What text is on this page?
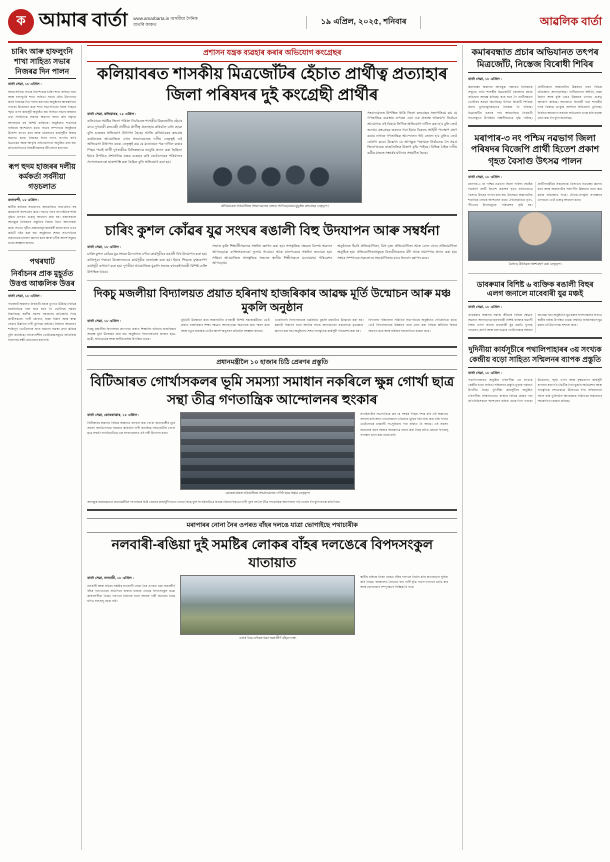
ক আমাৰ বাৰ্তা www.amarbarta.in অসমীয়া দৈনিক বাতৰি কাকত	১৯ এপ্ৰিল, ২০২৫, শনিবাৰ	আৱলিক বাৰ্তা
চাৰিং আৰু হাফলুংনি শাখা সাহিত্য সভাৰ নিজৰৱ দিন পালন
বাৰ্তা সেৱা, ১৮ এপ্ৰিল :
অসম সাহিত্য সভাৰ নিৰ্দেশ মৰ্মে চাৰিং শাখা সাহিত্য সভা আৰু হাফলুংনি শাখা সাহিত্য সভাৰ যৌথ উদ্যোগত কালি নিজৰৱ দিন পালন কৰা হয়। অনুষ্ঠানৰ আৰম্ভণিতে পতাকা উত্তোলন কৰে শাখা সভাপতিয়ে। ইয়াৰ পিছতে স্মৃতি তৰ্পণ কাৰ্যসূচী অনুষ্ঠিত হয়। সাহিত্য সভাৰ জন্মলগ্ন তথা সাহিত্যিক সকলৰ অৱদান স্মৰণ কৰি বক্তৃতা আগবঢ়ায় বহু বিশিষ্ট ব্যক্তিয়ে। অনুষ্ঠানত শতাধিক ব্যক্তিয়ে অংশগ্ৰহণ কৰে। সভাৰ সম্পাদকে অনুষ্ঠানৰ উদ্দেশ্য ব্যাখ্যা কৰে আৰু ভৱিষ্যতৰ কাৰ্যসূচীৰ বিষয়ে অৱগত কৰে। নিজৰৱ দিনৰ লগত সংগতি ৰাখি চিত্ৰাংকন আৰু আবৃত্তি প্ৰতিযোগিতা অনুষ্ঠিত কৰা হয়। প্ৰতিযোগিতাত বিজয়ীসকলক বঁটা প্ৰদান কৰা হয়।
ৰূপ হুদম হাজৰৰ দলীয় কৰ্মকৰ্তা সৰ্বনীয়া গড়চলাত
কলাবন্দী, ১৮ এপ্ৰিল :
স্থানীয় ৰাইজৰ সহযোগত আয়োজিত সভাখনিত বহু কৰ্মকৰ্তাই অংশগ্ৰহণ কৰে। সভাত দলৰ সাংগঠনিক শক্তি বৃদ্ধিৰ ওপৰত গুৰুত্ব আৰোপ কৰা হয়। বক্তাসকলে আগন্তুক নিৰ্বাচনৰ প্ৰস্তুতিৰ বিষয়ে বিতং আলোচনা কৰে। সভাত গৃহীত প্ৰস্তাৱসমূহ কাৰ্যকৰী কৰাৰ বাবে এখন কমিটি গঠন কৰা হয়। অনুষ্ঠানৰ শেষত সভাপতিয়ে সকলোকে ধন্যবাদ জ্ঞাপন কৰে আৰু দলীয় আদৰ্শ সমুন্নত ৰখাৰ আহ্বান জনায়।
পথৰঘাট
নিৰ্বাচনৰ প্ৰাক মুহূৰ্তত উত্তপ্ত আঞ্চলিক উত্তৰ
বাৰ্তা সেৱা, ১৮ এপ্ৰিল :
পথৰঘাট অঞ্চলত নিৰ্বাচনী প্ৰচাৰ তুংগত উঠিছে। বিভিন্ন ৰাজনৈতিক দলে ঘৰে ঘৰে গৈ ভোটাৰৰ সমৰ্থন বিচাৰিছে। স্থানীয় সমস্যা সমাধানৰ প্ৰতিশ্ৰুতি দিছে প্ৰাৰ্থীসকলে। পানী যোগান, ৰাস্তা নিৰ্মাণ আৰু স্বাস্থ্য সেৱাৰ উন্নতিৰ দাবী তুলিছে ৰাইজে। নিৰ্বাচন আয়োগে শান্তিপূৰ্ণ ভোটগ্ৰহণৰ বাবে সকলো ব্যৱস্থা গ্ৰহণ কৰিছে বুলি জনাইছে। সংবেদনশীল ভোটকেন্দ্ৰসমূহত অতিৰিক্ত নিৰাপত্তা ৰক্ষী মোতায়েন কৰা হ'ব।
প্ৰশাসন যন্ত্ৰক ব্যৱহাৰ কৰাৰ অভিযোগ কংগ্ৰেছৰ
কলিয়াবৰত শাসকীয় মিত্ৰজোঁটৰ হেঁচাত প্ৰাৰ্থীত্ব প্ৰত্যাহাৰ জিলা পৰিষদৰ দুই কংগ্ৰেছী প্ৰাৰ্থীৰ
বাৰ্তা সেৱা, কলিয়াবৰ, ১৮ এপ্ৰিল :
কলিয়াবৰ সমষ্টিৰ জিলা পৰিষদ নিৰ্বাচনত শাসকীয় মিত্ৰজোঁটৰ হেঁচাৰ বাবে দুগৰাকী কংগ্ৰেছী প্ৰাৰ্থীয়ে প্ৰাৰ্থীত্ব প্ৰত্যাহাৰ কৰিবলৈ বাধ্য হোৱা বুলি গুৰুতৰ অভিযোগ উত্থাপন হৈছে। আজি কলিয়াবৰৰ কংগ্ৰেছ কাৰ্যালয়ত আয়োজিত এখন সংবাদমেলত দলীয় নেতৃত্বই এই অভিযোগ উত্থাপন কৰে। নেতৃত্বই কয় যে মনোনয়ন পত্ৰ দাখিল কৰাৰ পিছৰ পৰাই প্ৰাৰ্থী দুগৰাকীক বিভিন্নভাৱে ভাবুকি প্ৰদান কৰা হৈছিল। ইয়াৰ উপৰিও প্ৰশাসনিক যন্ত্ৰক ব্যৱহাৰ কৰি তেওঁলোকৰ পৰিয়ালৰ সদস্যসকলকো হাৰাশাস্তি কৰা হৈছিল বুলি অভিযোগ কৰা হয়।
কলিয়াবৰত আয়োজিত সংবাদমেলত বক্তব্য আগবঢ়োৱাৰ মুহূৰ্তত কংগ্ৰেছৰ নেতৃবৃন্দ।
সংবাদমেলত উপস্থিত থাকি জিলা কংগ্ৰেছৰ সভাপতিয়ে কয় যে গণতান্ত্ৰিক ব্যৱস্থাৰ ওপৰত এয়া এক প্ৰত্যক্ষ আক্ৰমণ। নিৰ্বাচন আয়োগক এই বিষয়ে লিখিত অভিযোগ দাখিল কৰা হ'ব বুলি তেওঁ জনায়। কংগ্ৰেছৰ তৰফৰ পৰা ইয়াৰ বিৰুদ্ধে আইনী পদক্ষেপ গ্ৰহণ কৰাৰ লগতে গণতান্ত্ৰিক আন্দোলন গঢ়ি তোলা হ'ব বুলিও তেওঁ ঘোষণা কৰে। উল্লেখ্য যে আগন্তুক পঞ্চায়ত নিৰ্বাচনক লৈ সমগ্ৰ জিলাখনতে ৰাজনৈতিক উত্তাপ বৃদ্ধি পাইছে। বিভিন্ন ঠাইত দলীয় কৰ্মীৰ মাজত সংঘৰ্ষৰ ঘটনাও সংঘটিত হৈছে।
চাৰিং কুশল কোঁৱৰ যুৱ সংঘৰ ৰঙালী বিহু উদযাপন আৰু সম্বৰ্ধনা
বাৰ্তা সেৱা, ১৮ এপ্ৰিল :
চাৰিং কুশল কোঁৱৰ যুৱ সংঘৰ উদ্যোগত বৰ্ণাঢ্য কাৰ্যসূচীৰে ৰঙালী বিহু উদযাপন কৰা হয়। ৰাতিপুৱা পতাকা উত্তোলনেৰে কাৰ্যসূচীৰ শুভাৰম্ভ কৰা হয়। ইয়াৰ পিছতে বৃক্ষৰোপণ কাৰ্যসূচী ৰূপায়ণ কৰা হয়। দুপৰীয়া আয়োজিত মুকলি সভাত বহুকেইগৰাকী বিশিষ্ট ব্যক্তি উপস্থিত থাকে।
সভাত কৃতি শিক্ষাৰ্থীসকলক সম্বৰ্ধনা জ্ঞাপন কৰা হয়। সাংস্কৃতিক ক্ষেত্ৰত বিশেষ অৱদান আগবঢ়োৱা ব্যক্তিসকলকো ফুলাম গামোচা আৰু মানপত্ৰেৰে সম্বৰ্ধনা জনোৱা হয়। সন্ধিয়া আয়োজিত সাংস্কৃতিক সন্ধ্যাত স্থানীয় শিল্পীসকলে মনোমোহা পৰিৱেশন আগবঢ়ায়।
অনুষ্ঠানত হুঁচৰি প্ৰতিযোগিতা, বিহু নৃত্য প্ৰতিযোগিতা আৰু ঢোল বাদন প্ৰতিযোগিতা অনুষ্ঠিত হয়। প্ৰতিযোগিতাসমূহত বিজয়ীসকলক বঁটা আৰু প্ৰমাণপত্ৰ প্ৰদান কৰা হয়। সংঘৰ সম্পাদকে সকলোৰে সহযোগিতাৰ বাবে ধন্যবাদ জ্ঞাপন কৰে।
দিকচু মজলীয়া বিদ্যালয়ত প্ৰয়াত হৰিনাথ হাজৰিকাৰ আৱক্ষ মূৰ্তি উন্মোচন আৰু মঞ্চ মুকলি অনুষ্ঠান
বাৰ্তা সেৱা, ১৮ এপ্ৰিল :
দিকচু মজলীয়া বিদ্যালয়ৰ প্ৰাংগণত প্ৰয়াত শিক্ষাবিদ হৰিনাথ হাজৰিকাৰ আৱক্ষ মূৰ্তি উন্মোচন কৰা হয়। অনুষ্ঠানত বিদ্যালয়খনৰ প্ৰাক্তন ছাত্ৰ-ছাত্ৰী, অভিভাৱক আৰু স্থানীয় ৰাইজ উপস্থিত থাকে।
মূৰ্তিটো উন্মোচন কৰে অঞ্চলটোৰ এগৰাকী বিশিষ্ট সমাজকৰ্মীয়ে। তেওঁ প্ৰয়াত হাজৰিকাৰ শিক্ষা ক্ষেত্ৰত আগবঢ়োৱা অৱদানৰ কথা স্মৰণ কৰে আৰু নতুন প্ৰজন্মক তেওঁৰ আদৰ্শ অনুসৰণ কৰিবলৈ আহ্বান জনায়।
একেদিনাই বিদ্যালয়খনৰ নৱনিৰ্মিত মুকলি মঞ্চটোও উদ্বোধন কৰা হয়। মঞ্চটো নিৰ্মাণৰ বাবে আৰ্থিক সহায় আগবঢ়োৱা সকলোকে কৃতজ্ঞতা জ্ঞাপন কৰা হয়। অনুষ্ঠানৰ শেষত সাংস্কৃতিক কাৰ্যসূচী পৰিৱেশন কৰা হয়।
বিদ্যালয় পৰিচালনা সমিতিৰ সভাপতিয়ে অনুষ্ঠানত পৌৰোহিত্য কৰে। তেওঁ বিদ্যালয়খনৰ উন্নয়নৰ বাবে গ্ৰহণ কৰা বিভিন্ন আঁচনিৰ বিষয়ে অৱগত কৰে আৰু ৰাইজৰ সহযোগিতা কামনা কৰে।
প্ৰধানমন্ত্ৰীলৈ ১০ হাজাৰ চিঠি প্ৰেৰণৰ প্ৰস্তুতি
বিটিআৰত গোৰ্খাসকলৰ ভূমি সমস্যা সমাধান নকৰিলে ক্ষুন্ন গোৰ্খা ছাত্ৰ সন্থা তীব্ৰ গণতান্ত্ৰিক আন্দোলনৰ হুংকাৰ
বাৰ্তা সেৱা, কোকৰাঝাৰ, ১৮ এপ্ৰিল :
বিটিআৰৰ অন্তৰ্গত বিভিন্ন অঞ্চলত বসবাস কৰা গোৰ্খা জনগোষ্ঠীৰ ভূমি সমস্যা অনতিপলমে সমাধান কৰিবলৈ দাবী জনাইছে সৰ্বভাৰতীয় গোৰ্খা ছাত্ৰ সন্থাই। সংগঠনটোৱে এক সংবাদমেলত এই দাবী উত্থাপন কৰে।
কোকৰাঝাৰত আয়োজিত সংবাদমেলত গোৰ্খা ছাত্ৰ সন্থাৰ নেতৃবৃন্দ।
সংগঠনটোৰ সভাপতিয়ে কয় যে দশকৰ পিছত দশক ধৰি এই অঞ্চলত বসবাস কৰি অহা গোৰ্খাসকলে এতিয়াও ভূমিৰ পট্টা লাভ কৰা নাই। ফলত তেওঁলোকে চৰকাৰী সা-সুবিধাৰ পৰা বঞ্চিত হৈ আছে। এই সমস্যা সমাধানৰ বাবে বহুবাৰ স্মাৰকপত্ৰ প্ৰদান কৰা হৈছে যদিও কোনো ফলপ্ৰসূ পদক্ষেপ গ্ৰহণ কৰা হোৱা নাই।
আগন্তুক সময়ছোৱাত প্ৰধানমন্ত্ৰীলৈ দহ হাজাৰ চিঠি প্ৰেৰণৰ কাৰ্যসূচী হাতত লোৱা হৈছে বুলি সংগঠনটোৱে জনায়। ইয়াৰ পিছতো দাবী পূৰণ নহ'লে তীব্ৰ গণতান্ত্ৰিক আন্দোলন গঢ়ি তোলা হ'ব বুলি সতৰ্ক কৰি দিয়ে।
মৰাপাৰৰ নোনা নৈৰ ওপৰত বাঁহৰ দলঙে যাত্ৰা ভোগাইছে পথাচাৰীক
নলবাৰী-ৰঙিয়া দুই সমষ্টিৰ লোকৰ বাঁহৰ দলঙেৰে বিপদসংকুল যাতায়াত
বাৰ্তা সেৱা, নলবাৰী, ১৮ এপ্ৰিল :
নলবাৰী আৰু ৰঙিয়া সমষ্টিৰ সংযোগী নোনা নৈৰ ওপৰত থকা জৰাজীৰ্ণ বাঁহৰ দলংখনেৰে প্ৰতিদিনে হাজাৰ হাজাৰ লোকে বিপদসংকুল যাত্ৰা কৰিবলগীয়া হৈছে। দলংখন নিৰ্মাণৰ বাবে বহুবাৰ দাবী জনোৱা হৈছে যদিও ফলপ্ৰসূ হোৱা নাই।
নোনা নৈৰ ওপৰত থকা জৰাজীৰ্ণ বাঁহৰ দলং।
স্থানীয় ৰাইজে নিজা খৰচত বাঁহৰ দলংখন নিৰ্মাণ কৰি যাতায়াতৰ সুবিধা কৰি লৈছে। বৰ্ষাকালত নৈখনত বান পানী বৃদ্ধি পালে দলংখন ভাঙি যায় আৰু যোগাযোগ সম্পূৰ্ণৰূপে বিচ্ছিন্ন হৈ পৰে।
কমাৰবন্ধাত প্ৰচাৰ অভিযানত তৎপৰ মিত্ৰজোঁট, নিস্তেজ বিৰোধী শিবিৰ
বাৰ্তা সেৱা, ১৮ এপ্ৰিল :
কমাৰবন্ধা অঞ্চলত আগন্তুক পঞ্চায়ত নিৰ্বাচনক সন্মুখত ৰাখি শাসকীয় মিত্ৰজোঁটে জোৰদাৰ প্ৰচাৰ অভিযান আৰম্ভ কৰিছে। ঘৰে ঘৰে গৈ প্ৰাৰ্থীসকলে ভোটাৰৰ সমৰ্থন বিচাৰিছে। ইপিনে বিৰোধী শিবিৰৰ প্ৰচাৰ তুলনামূলকভাৱে নিস্তেজ হৈ পৰিছে। মিত্ৰজোঁটৰ তৰফৰ পৰা আয়োজিত নিৰ্বাচনী সভাসমূহত উপস্থিতি লক্ষণীয়ভাৱে বৃদ্ধি পাইছে। প্ৰাৰ্থীসকলে অঞ্চলটোৰ উন্নয়নৰ বাবে বিভিন্ন প্ৰতিশ্ৰুতি আগবঢ়াইছে। পানীযোগান আঁচনি, ৰাস্তা নিৰ্মাণ আৰু কৃষি খণ্ডৰ উন্নয়নৰ ওপৰত গুৰুত্ব আৰোপ কৰিছে। অন্যহাতে বিৰোধী দলে শাসকীয় দলৰ বিৰুদ্ধে ভাবুকি প্ৰদৰ্শনৰ অভিযোগ তুলিছে। নিৰ্বাচন আয়োগে সকলো অভিযোগ তদন্ত কৰি ব্যৱস্থা গ্ৰহণ কৰা হ'ব বুলি জনাইছে।
মৰাপাৰ-৩ নং পশ্চিম নৱভাগ জিলা পৰিষদৰ বিজেপি প্ৰাৰ্থী হিতেশ প্ৰকাশ গৃহত বৈসাগু উৎসৱ পালন
বাৰ্তা সেৱা, ১৮ এপ্ৰিল :
মৰাপাৰ-৩ নং পশ্চিম নৱভাগ জিলা পৰিষদ সমষ্টিৰ বিজেপি প্ৰাৰ্থী হিতেশ প্ৰকাশৰ গৃহত বৰ্ণাঢ্যভাৱে বৈসাগু উৎসৱ পালন কৰা হয়। উৎসৱত অঞ্চলটোৰ শতাধিক লোকে অংশগ্ৰহণ কৰে। ঐতিহ্যমণ্ডিত নৃত্য-গীতেৰে উৎসৱমুখৰ পৰিৱেশৰ সৃষ্টি হয়। প্ৰাৰ্থীগৰাকীয়ে সকলোকে বৈসাগুৰ শুভেচ্ছা জ্ঞাপন কৰে আৰু অঞ্চলটোৰ সৰ্বাংগীণ উন্নয়নৰ বাবে কাম কৰাৰ প্ৰতিশ্ৰুতি দিয়ে। ঐতিহ্য-সংস্কৃতি সংৰক্ষণৰ ওপৰতো তেওঁ গুৰুত্ব আৰোপ কৰে।
বৈসাগু উৎসৱত অংশগ্ৰহণ কৰা নেতৃবৃন্দ।
ডাবৰুমাৰ বিশিষ্ট ৬ ব্যক্তিক ৰঙালী বিহুৰ এলগ জনালে মাবেবাৰী যুৱ মঞ্চই
বাৰ্তা সেৱা, ১৮ এপ্ৰিল :
ডাবৰুমাৰ অঞ্চলৰ সমাজ জীৱনৰ বিভিন্ন ক্ষেত্ৰত অৱদান আগবঢ়োৱা ছয়গৰাকী বিশিষ্ট ব্যক্তিক ৰঙালী বিহুৰ এলগ জনায় মাবেবাৰী যুৱ মঞ্চই। ফুলাম গামোচা, জাপি আৰু মানপত্ৰেৰে তেওঁলোকক সম্বৰ্ধনা জনোৱা হয়। অনুষ্ঠানত যুৱ মঞ্চৰ সদস্যসকলৰ লগতে স্থানীয় ৰাইজ উপস্থিত থাকে। সম্বৰ্ধিত ব্যক্তিসকলে যুৱ মঞ্চৰ এই উদ্যোগক প্ৰশংসা কৰে।
দুদিনীয়া কাৰ্যসূচীৰে পথালিপাহাৰৰ ৩য় সংখ্যক কেন্দ্ৰীয় বড়ো সাহিত্য সন্মিলনৰ ব্যাপক প্ৰস্তুতি
বাৰ্তা সেৱা, ১৮ এপ্ৰিল :
পথালিপাহাৰত অনুষ্ঠিত হ'বলগীয়া ৩য় সংখ্যক কেন্দ্ৰীয় বড়ো সাহিত্য সন্মিলনৰ প্ৰস্তুতি চূড়ান্ত পৰ্যায়ত উপনীত হৈছে। দুদিনীয়া কাৰ্যসূচীৰে অনুষ্ঠিত হ'বলগীয়া সন্মিলনখনত ৰাজ্যৰ বিভিন্ন প্ৰান্তৰ পৰা প্ৰতিনিধিসকলে অংশগ্ৰহণ কৰিব। প্ৰথম দিনা পতাকা উত্তোলন, স্মৃতি তৰ্পণ আৰু বৃক্ষৰোপণ কাৰ্যসূচী ৰূপায়ণ কৰা হ'ব। দ্বিতীয় দিনা মুকলি অধিৱেশন আৰু সাংস্কৃতিক শোভাযাত্ৰা উলিওৱা হ'ব। সন্মিলনখন সফল কৰি তুলিবলৈ আয়োজক সমিতিয়ে সকলোৰে সহযোগিতা কামনা কৰিছে।
